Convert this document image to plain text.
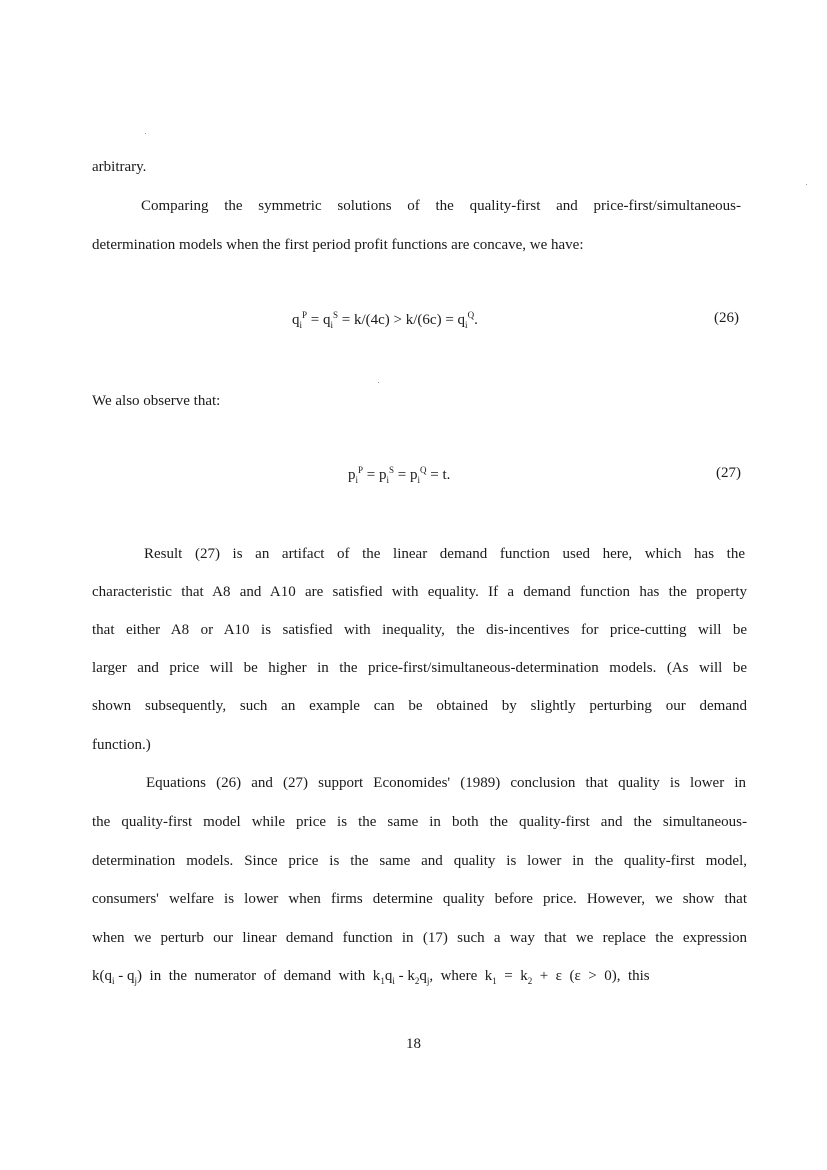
arbitrary.
Comparing the symmetric solutions of the quality-first and price-first/simultaneous-
determination models when the first period profit functions are concave, we have:
$q_i^P = q_i^S = k/(4c) > k/(6c) = q_i^Q$.	(26)
We also observe that:
$p_i^P = p_i^S = p_i^Q = t$.	(27)
Result (27) is an artifact of the linear demand function used here, which has the
characteristic that A8 and A10 are satisfied with equality. If a demand function has the property
that either A8 or A10 is satisfied with inequality, the dis-incentives for price-cutting will be
larger and price will be higher in the price-first/simultaneous-determination models. (As will be
shown subsequently, such an example can be obtained by slightly perturbing our demand
function.)
Equations (26) and (27) support Economides' (1989) conclusion that quality is lower in
the quality-first model while price is the same in both the quality-first and the simultaneous-
determination models. Since price is the same and quality is lower in the quality-first model,
consumers' welfare is lower when firms determine quality before price. However, we show that
when we perturb our linear demand function in (17) such a way that we replace the expression
$k(q_i - q_j)$  in  the  numerator  of  demand  with  $k_1q_i - k_2q_j$,  where  $k_1 = k_2 + \varepsilon$  (ε  >  0),  this
18
